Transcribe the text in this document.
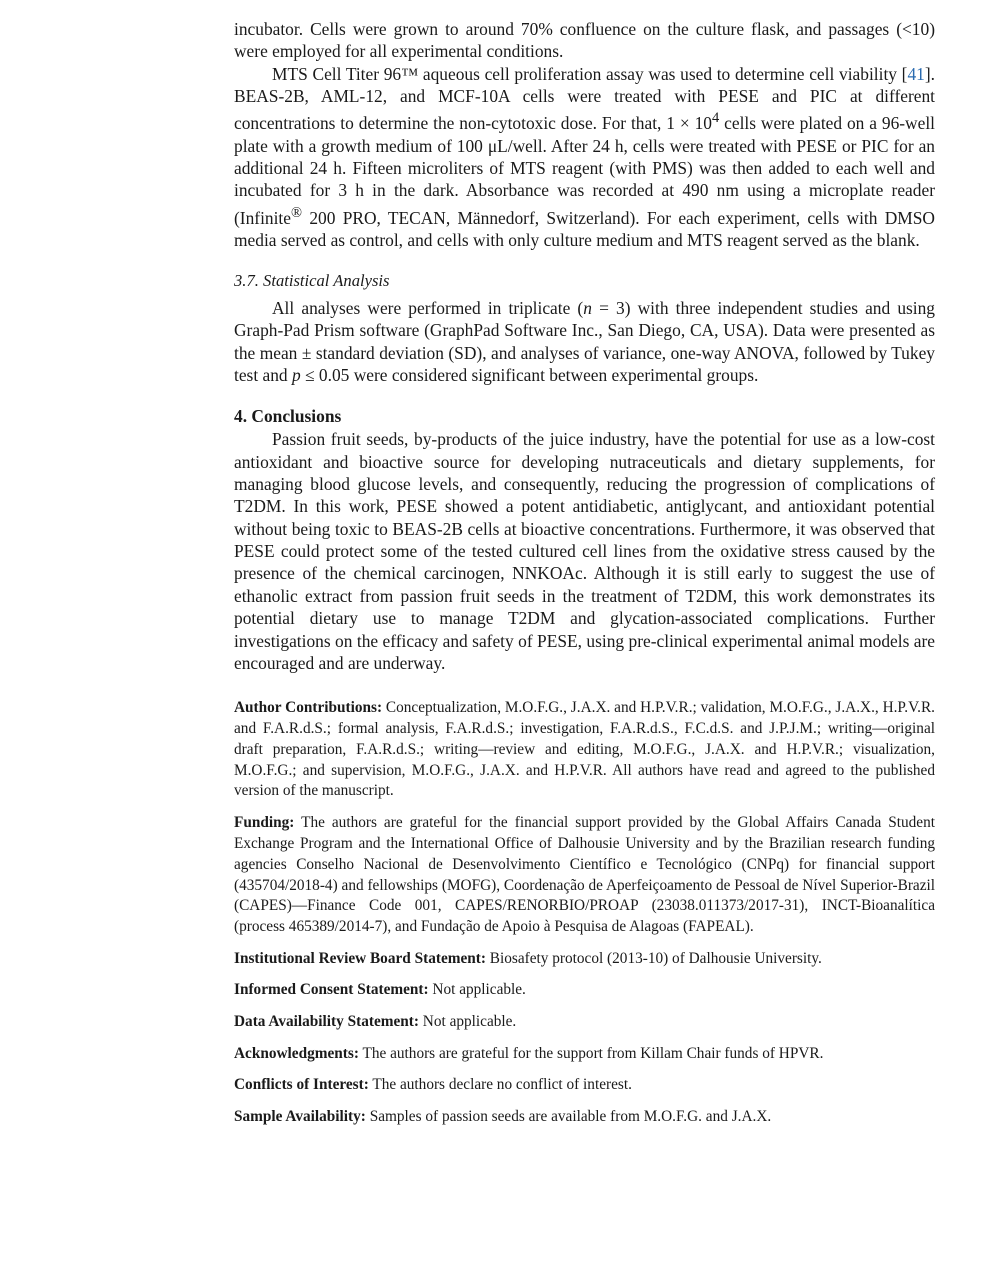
incubator. Cells were grown to around 70% confluence on the culture flask, and passages (<10) were employed for all experimental conditions.

MTS Cell Titer 96™ aqueous cell proliferation assay was used to determine cell viability [41]. BEAS-2B, AML-12, and MCF-10A cells were treated with PESE and PIC at different concentrations to determine the non-cytotoxic dose. For that, $1 \times 10^4$ cells were plated on a 96-well plate with a growth medium of 100 μL/well. After 24 h, cells were treated with PESE or PIC for an additional 24 h. Fifteen microliters of MTS reagent (with PMS) was then added to each well and incubated for 3 h in the dark. Absorbance was recorded at 490 nm using a microplate reader (Infinite® 200 PRO, TECAN, Männedorf, Switzerland). For each experiment, cells with DMSO media served as control, and cells with only culture medium and MTS reagent served as the blank.

3.7. Statistical Analysis

All analyses were performed in triplicate (n = 3) with three independent studies and using Graph-Pad Prism software (GraphPad Software Inc., San Diego, CA, USA). Data were presented as the mean ± standard deviation (SD), and analyses of variance, one-way ANOVA, followed by Tukey test and p ≤ 0.05 were considered significant between experimental groups.

4. Conclusions

Passion fruit seeds, by-products of the juice industry, have the potential for use as a low-cost antioxidant and bioactive source for developing nutraceuticals and dietary supplements, for managing blood glucose levels, and consequently, reducing the progression of complications of T2DM. In this work, PESE showed a potent antidiabetic, antiglycant, and antioxidant potential without being toxic to BEAS-2B cells at bioactive concentrations. Furthermore, it was observed that PESE could protect some of the tested cultured cell lines from the oxidative stress caused by the presence of the chemical carcinogen, NNKOAc. Although it is still early to suggest the use of ethanolic extract from passion fruit seeds in the treatment of T2DM, this work demonstrates its potential dietary use to manage T2DM and glycation-associated complications. Further investigations on the efficacy and safety of PESE, using pre-clinical experimental animal models are encouraged and are underway.

Author Contributions: Conceptualization, M.O.F.G., J.A.X. and H.P.V.R.; validation, M.O.F.G., J.A.X., H.P.V.R. and F.A.R.d.S.; formal analysis, F.A.R.d.S.; investigation, F.A.R.d.S., F.C.d.S. and J.P.J.M.; writing—original draft preparation, F.A.R.d.S.; writing—review and editing, M.O.F.G., J.A.X. and H.P.V.R.; visualization, M.O.F.G.; and supervision, M.O.F.G., J.A.X. and H.P.V.R. All authors have read and agreed to the published version of the manuscript.

Funding: The authors are grateful for the financial support provided by the Global Affairs Canada Student Exchange Program and the International Office of Dalhousie University and by the Brazilian research funding agencies Conselho Nacional de Desenvolvimento Científico e Tecnológico (CNPq) for financial support (435704/2018-4) and fellowships (MOFG), Coordenação de Aperfeiçoamento de Pessoal de Nível Superior-Brazil (CAPES)—Finance Code 001, CAPES/RENORBIO/PROAP (23038.011373/2017-31), INCT-Bioanalítica (process 465389/2014-7), and Fundação de Apoio à Pesquisa de Alagoas (FAPEAL).

Institutional Review Board Statement: Biosafety protocol (2013-10) of Dalhousie University.

Informed Consent Statement: Not applicable.

Data Availability Statement: Not applicable.

Acknowledgments: The authors are grateful for the support from Killam Chair funds of HPVR.

Conflicts of Interest: The authors declare no conflict of interest.

Sample Availability: Samples of passion seeds are available from M.O.F.G. and J.A.X.
